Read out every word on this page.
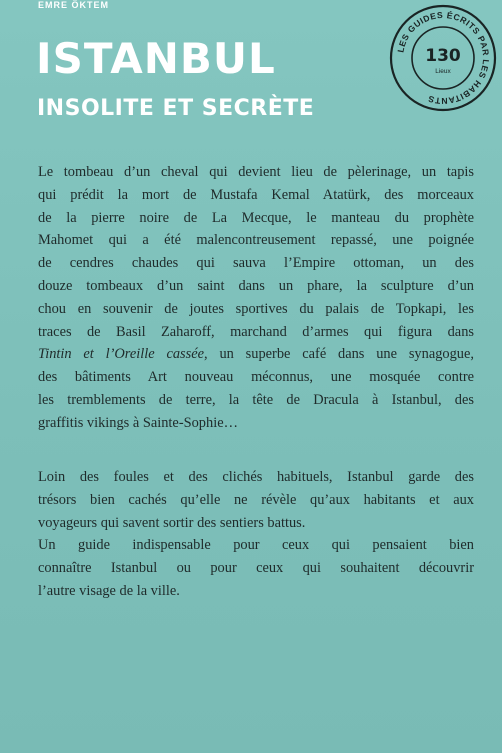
EMRE ÖKTEM
ISTANBUL
INSOLITE ET SECRÈTE
LES GUIDES ÉCRITS PAR LES HABITANTS
130
Lieux
Le tombeau d’un cheval qui devient lieu de pèlerinage, un tapis
qui prédit la mort de Mustafa Kemal Atatürk, des morceaux
de la pierre noire de La Mecque, le manteau du prophète
Mahomet qui a été malencontreusement repassé, une poignée
de cendres chaudes qui sauva l’Empire ottoman, un des
douze tombeaux d’un saint dans un phare, la sculpture d’un
chou en souvenir de joutes sportives du palais de Topkapi, les
traces de Basil Zaharoff, marchand d’armes qui figura dans
Tintin et l’Oreille cassée, un superbe café dans une synagogue,
des bâtiments Art nouveau méconnus, une mosquée contre
les tremblements de terre, la tête de Dracula à Istanbul, des
graffitis vikings à Sainte-Sophie…
Loin des foules et des clichés habituels, Istanbul garde des
trésors bien cachés qu’elle ne révèle qu’aux habitants et aux
voyageurs qui savent sortir des sentiers battus.
Un guide indispensable pour ceux qui pensaient bien
connaître Istanbul ou pour ceux qui souhaitent découvrir
l’autre visage de la ville.
